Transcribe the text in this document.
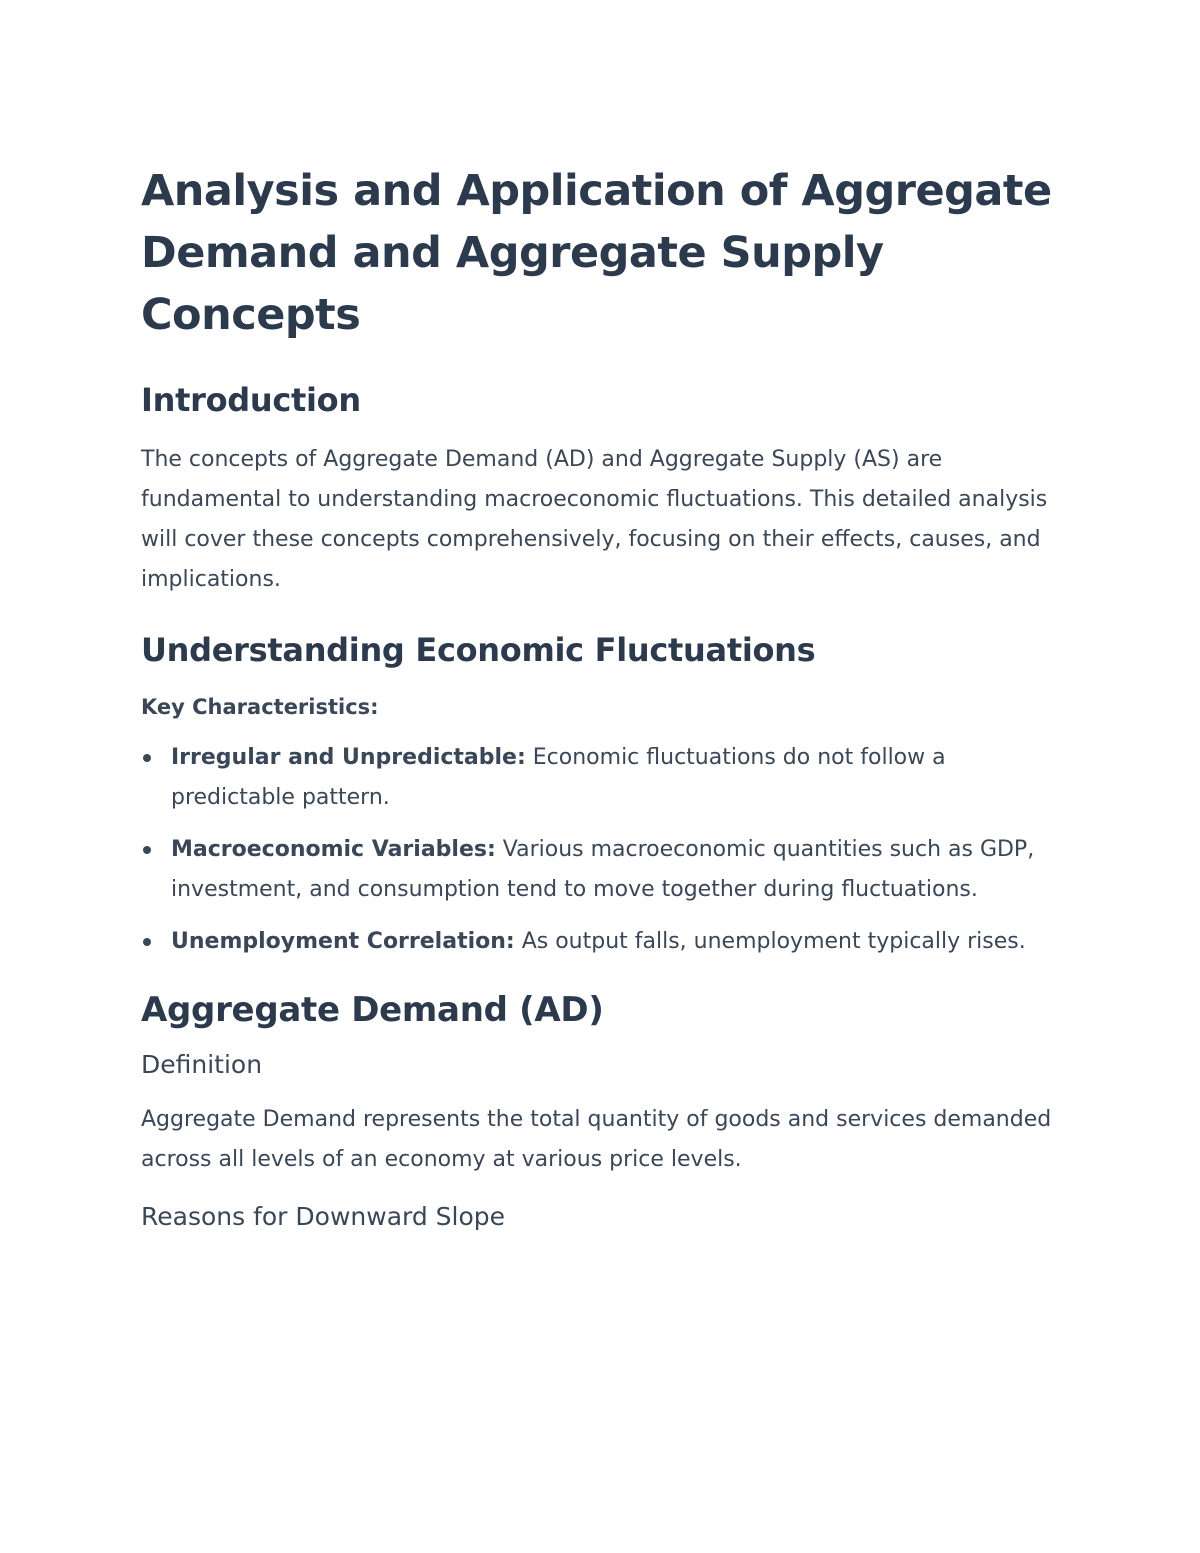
Analysis and Application of Aggregate Demand and Aggregate Supply Concepts
Introduction

The concepts of Aggregate Demand (AD) and Aggregate Supply (AS) are fundamental to understanding macroeconomic fluctuations. This detailed analysis will cover these concepts comprehensively, focusing on their effects, causes, and implications.

Understanding Economic Fluctuations

Key Characteristics:

Irregular and Unpredictable: Economic fluctuations do not follow a predictable pattern.
Macroeconomic Variables: Various macroeconomic quantities such as GDP, investment, and consumption tend to move together during fluctuations.
Unemployment Correlation: As output falls, unemployment typically rises.
Aggregate Demand (AD)
Definition

Aggregate Demand represents the total quantity of goods and services demanded across all levels of an economy at various price levels.

Reasons for Downward Slope
